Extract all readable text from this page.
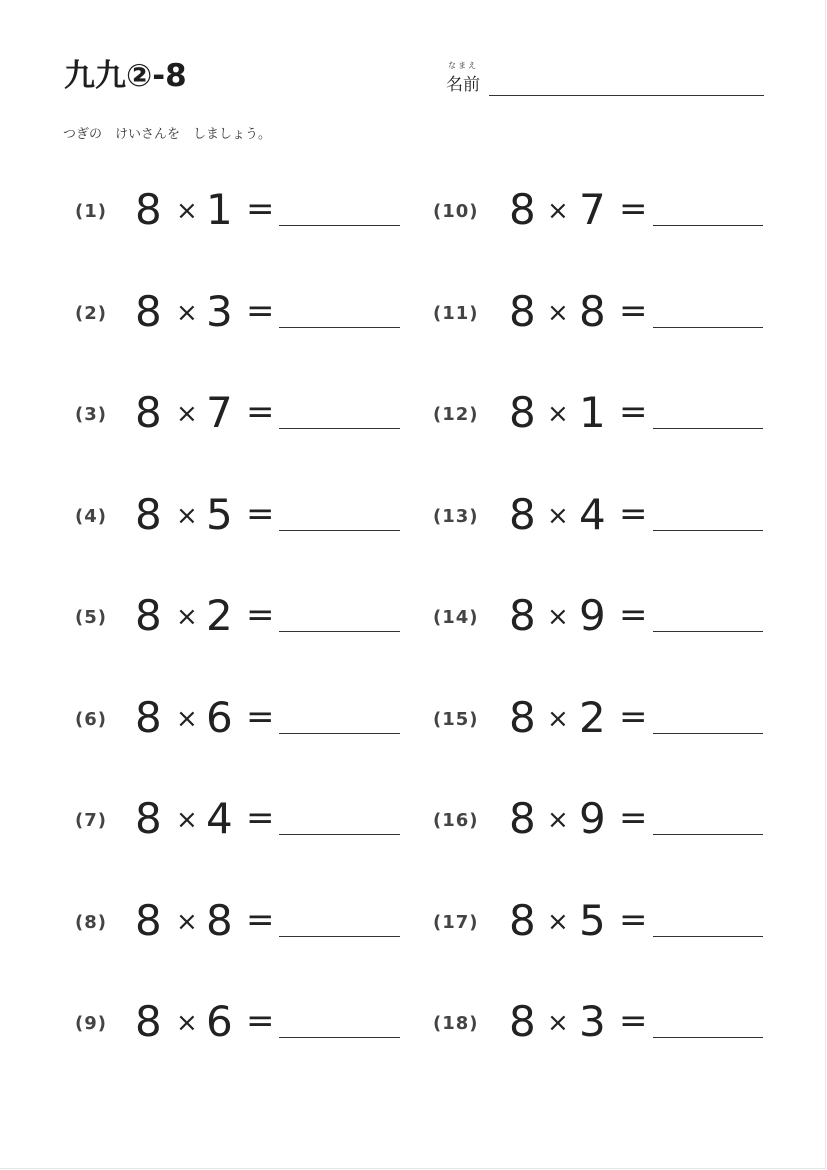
九九②-8	なまえ
名前
つぎの　けいさんを　しましょう。
(1) 8 × 1 =
(2) 8 × 3 =
(3) 8 × 7 =
(4) 8 × 5 =
(5) 8 × 2 =
(6) 8 × 6 =
(7) 8 × 4 =
(8) 8 × 8 =
(9) 8 × 6 =
(10) 8 × 7 =
(11) 8 × 8 =
(12) 8 × 1 =
(13) 8 × 4 =
(14) 8 × 9 =
(15) 8 × 2 =
(16) 8 × 9 =
(17) 8 × 5 =
(18) 8 × 3 =
